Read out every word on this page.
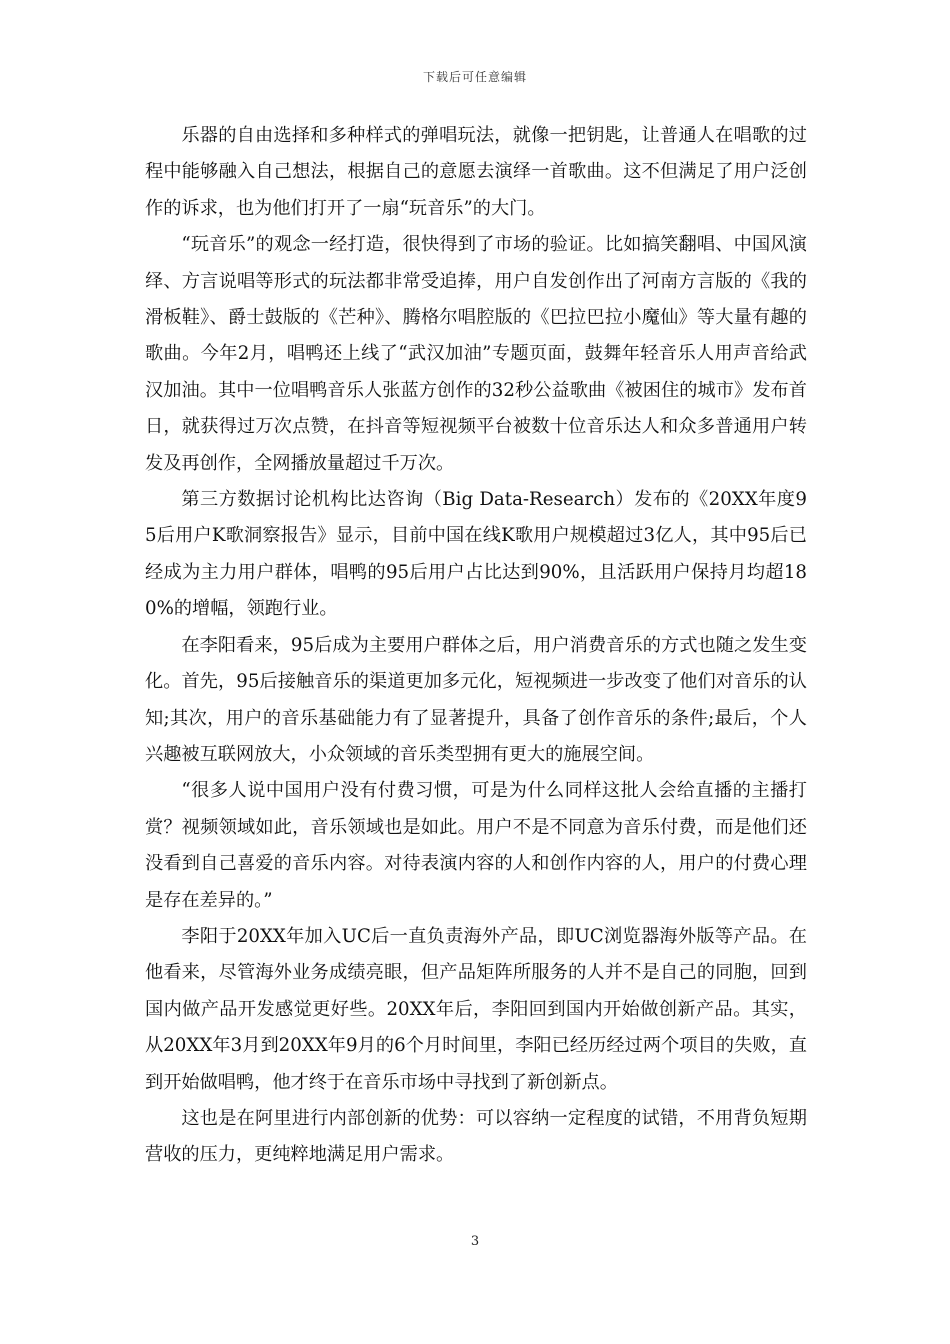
下载后可任意编辑

乐器的自由选择和多种样式的弹唱玩法，就像一把钥匙，让普通人在唱歌的过程中能够融入自己想法，根据自己的意愿去演绎一首歌曲。这不但满足了用户泛创作的诉求，也为他们打开了一扇“玩音乐”的大门。

“玩音乐”的观念一经打造，很快得到了市场的验证。比如搞笑翻唱、中国风演绎、方言说唱等形式的玩法都非常受追捧，用户自发创作出了河南方言版的《我的滑板鞋》、爵士鼓版的《芒种》、腾格尔唱腔版的《巴拉巴拉小魔仙》等大量有趣的歌曲。今年2月，唱鸭还上线了“武汉加油”专题页面，鼓舞年轻音乐人用声音给武汉加油。其中一位唱鸭音乐人张蓝方创作的32秒公益歌曲《被困住的城市》发布首日，就获得过万次点赞，在抖音等短视频平台被数十位音乐达人和众多普通用户转发及再创作，全网播放量超过千万次。

第三方数据讨论机构比达咨询（Big Data-Research）发布的《20XX年度95后用户K歌洞察报告》显示，目前中国在线K歌用户规模超过3亿人，其中95后已经成为主力用户群体，唱鸭的95后用户占比达到90%，且活跃用户保持月均超180%的增幅，领跑行业。

在李阳看来，95后成为主要用户群体之后，用户消费音乐的方式也随之发生变化。首先，95后接触音乐的渠道更加多元化，短视频进一步改变了他们对音乐的认知;其次，用户的音乐基础能力有了显著提升，具备了创作音乐的条件;最后，个人兴趣被互联网放大，小众领域的音乐类型拥有更大的施展空间。

“很多人说中国用户没有付费习惯，可是为什么同样这批人会给直播的主播打赏？视频领域如此，音乐领域也是如此。用户不是不同意为音乐付费，而是他们还没看到自己喜爱的音乐内容。对待表演内容的人和创作内容的人，用户的付费心理是存在差异的。”

李阳于20XX年加入UC后一直负责海外产品，即UC浏览器海外版等产品。在他看来，尽管海外业务成绩亮眼，但产品矩阵所服务的人并不是自己的同胞，回到国内做产品开发感觉更好些。20XX年后，李阳回到国内开始做创新产品。其实，从20XX年3月到20XX年9月的6个月时间里，李阳已经历经过两个项目的失败，直到开始做唱鸭，他才终于在音乐市场中寻找到了新创新点。

这也是在阿里进行内部创新的优势：可以容纳一定程度的试错，不用背负短期营收的压力，更纯粹地满足用户需求。

3
